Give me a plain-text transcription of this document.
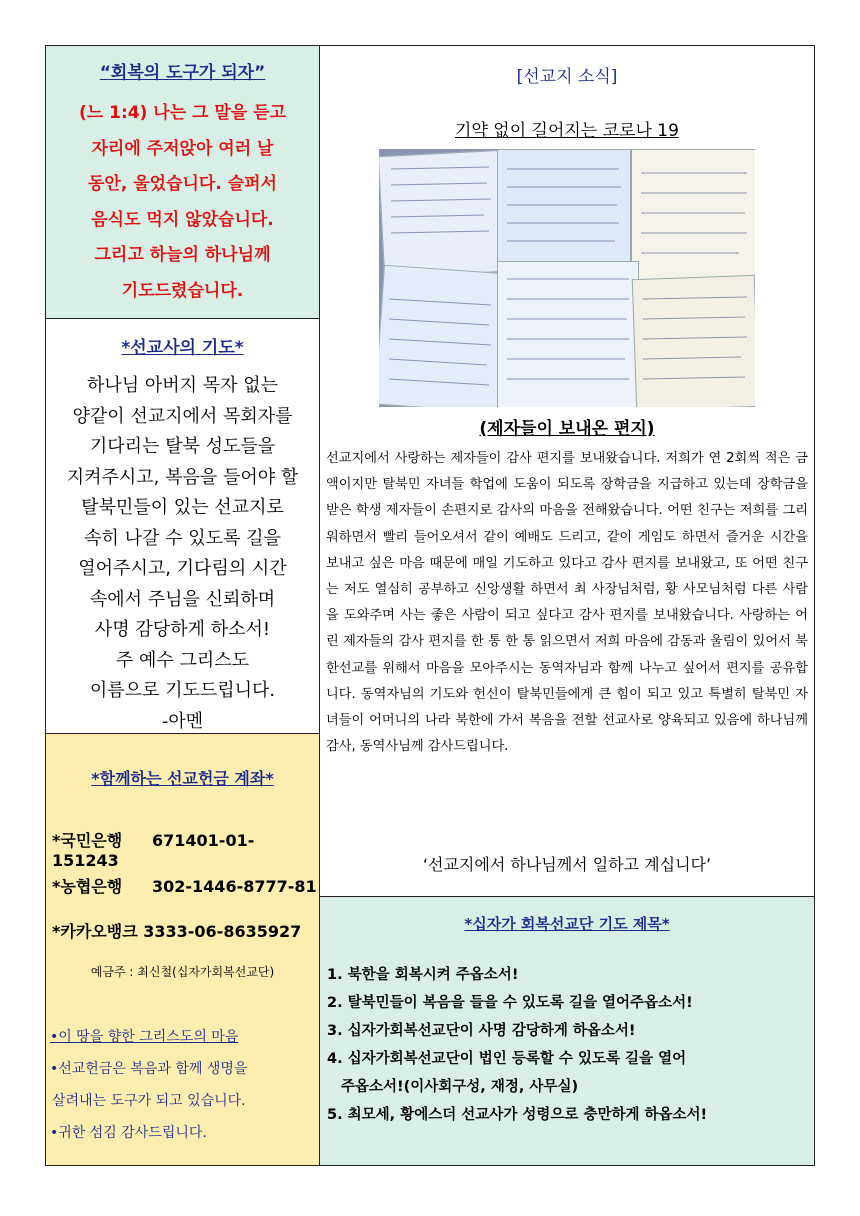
“회복의 도구가 되자”
(느 1:4) 나는 그 말을 듣고
자리에 주저앉아 여러 날
동안, 울었습니다. 슬퍼서
음식도 먹지 않았습니다.
그리고 하늘의 하나님께
기도드렸습니다.
*선교사의 기도*
하나님 아버지 목자 없는
양같이 선교지에서 목회자를
기다리는 탈북 성도들을
지켜주시고, 복음을 들어야 할
탈북민들이 있는 선교지로
속히 나갈 수 있도록 길을
열어주시고, 기다림의 시간
속에서 주님을 신뢰하며
사명 감당하게 하소서!
주 예수 그리스도
이름으로 기도드립니다.
-아멘
*함께하는 선교헌금 계좌*
*국민은행 671401-01-151243
*농협은행 302-1446-8777-81
*카카오뱅크 3333-06-8635927
예금주 : 최신철(십자가회복선교단)
•이 땅을 향한 그리스도의 마음
•선교헌금은 복음과 함께 생명을
살려내는 도구가 되고 있습니다.
•귀한 섬김 감사드립니다.
[선교지 소식]
기약 없이 길어지는 코로나 19
(제자들이 보내온 편지)
선교지에서 사랑하는 제자들이 감사 편지를 보내왔습니다. 저희가 연 2회씩 적은 금액이지만 탈북민 자녀들 학업에 도움이 되도록 장학금을 지급하고 있는데 장학금을 받은 학생 제자들이 손편지로 감사의 마음을 전해왔습니다. 어떤 친구는 저희를 그리워하면서 빨리 들어오셔서 같이 예배도 드리고, 같이 게임도 하면서 즐거운 시간을 보내고 싶은 마음 때문에 매일 기도하고 있다고 감사 편지를 보내왔고, 또 어떤 친구는 저도 열심히 공부하고 신앙생활 하면서 최 사장님처럼, 황 사모님처럼 다른 사람을 도와주며 사는 좋은 사람이 되고 싶다고 감사 편지를 보내왔습니다. 사랑하는 어린 제자들의 감사 편지를 한 통 한 통 읽으면서 저희 마음에 감동과 울림이 있어서 북한선교를 위해서 마음을 모아주시는 동역자님과 함께 나누고 싶어서 편지를 공유합니다. 동역자님의 기도와 헌신이 탈북민들에게 큰 힘이 되고 있고 특별히 탈북민 자녀들이 어머니의 나라 북한에 가서 복음을 전할 선교사로 양육되고 있음에 하나님께 감사, 동역사님께 감사드립니다.
‘선교지에서 하나님께서 일하고 계십니다’
*십자가 회복선교단 기도 제목*
1. 북한을 회복시켜 주옵소서!
2. 탈북민들이 복음을 들을 수 있도록 길을 열어주옵소서!
3. 십자가회복선교단이 사명 감당하게 하옵소서!
4. 십자가회복선교단이 법인 등록할 수 있도록 길을 열어
주옵소서!(이사회구성, 재정, 사무실)
5. 최모세, 황에스더 선교사가 성령으로 충만하게 하옵소서!
